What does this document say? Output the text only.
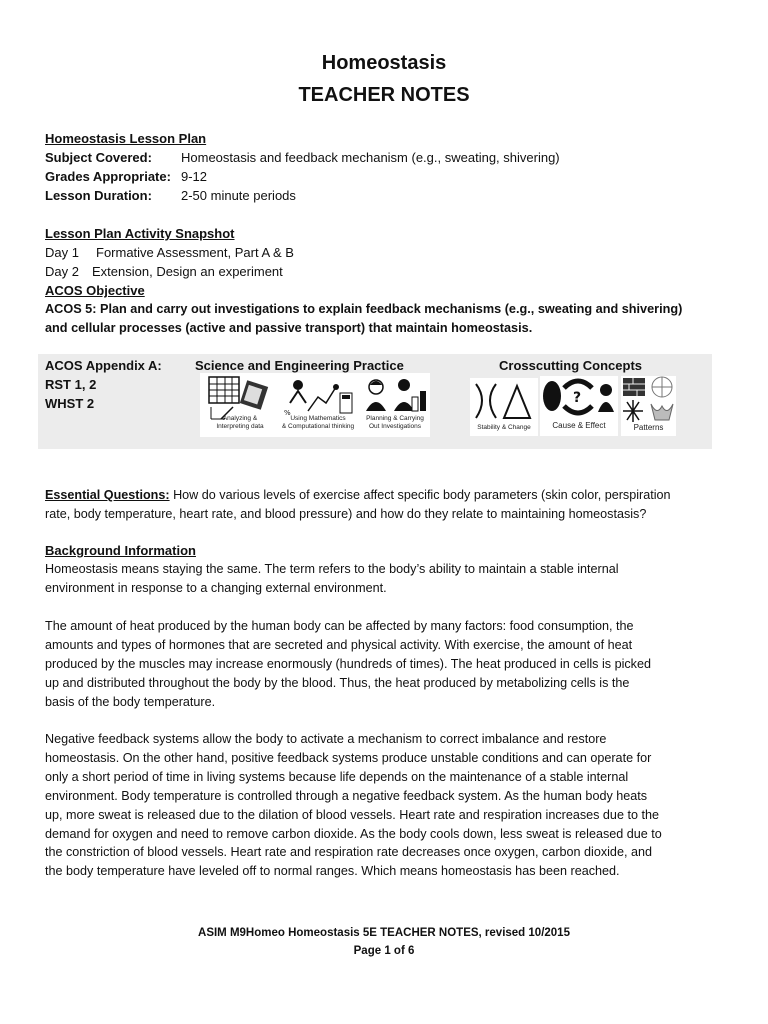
Homeostasis
TEACHER NOTES
Homeostasis Lesson Plan
Subject Covered: Homeostasis and feedback mechanism (e.g., sweating, shivering)
Grades Appropriate: 9-12
Lesson Duration: 2-50 minute periods
Lesson Plan Activity Snapshot
Day 1 Formative Assessment, Part A & B
Day 2 Extension, Design an experiment
ACOS Objective
ACOS 5: Plan and carry out investigations to explain feedback mechanisms (e.g., sweating and shivering)
and cellular processes (active and passive transport) that maintain homeostasis.
ACOS Appendix A:
RST 1, 2
WHST 2
Science and Engineering Practice	Crosscutting Concepts
Analyzing &
Interpreting data
%
Using Mathematics
& Computational thinking
Planning & Carrying
Out Investigations	Stability & Change
?
Cause & Effect	Patterns
Essential Questions: How do various levels of exercise affect specific body parameters (skin color, perspiration
rate, body temperature, heart rate, and blood pressure) and how do they relate to maintaining homeostasis?
Background Information
Homeostasis means staying the same. The term refers to the body’s ability to maintain a stable internal
environment in response to a changing external environment.
The amount of heat produced by the human body can be affected by many factors: food consumption, the
amounts and types of hormones that are secreted and physical activity. With exercise, the amount of heat
produced by the muscles may increase enormously (hundreds of times). The heat produced in cells is picked
up and distributed throughout the body by the blood. Thus, the heat produced by metabolizing cells is the
basis of the body temperature.
Negative feedback systems allow the body to activate a mechanism to correct imbalance and restore
homeostasis. On the other hand, positive feedback systems produce unstable conditions and can operate for
only a short period of time in living systems because life depends on the maintenance of a stable internal
environment. Body temperature is controlled through a negative feedback system. As the human body heats
up, more sweat is released due to the dilation of blood vessels. Heart rate and respiration increases due to the
demand for oxygen and need to remove carbon dioxide. As the body cools down, less sweat is released due to
the constriction of blood vessels. Heart rate and respiration rate decreases once oxygen, carbon dioxide, and
the body temperature have leveled off to normal ranges. Which means homeostasis has been reached.
ASIM M9Homeo Homeostasis 5E TEACHER NOTES, revised 10/2015
Page 1 of 6
